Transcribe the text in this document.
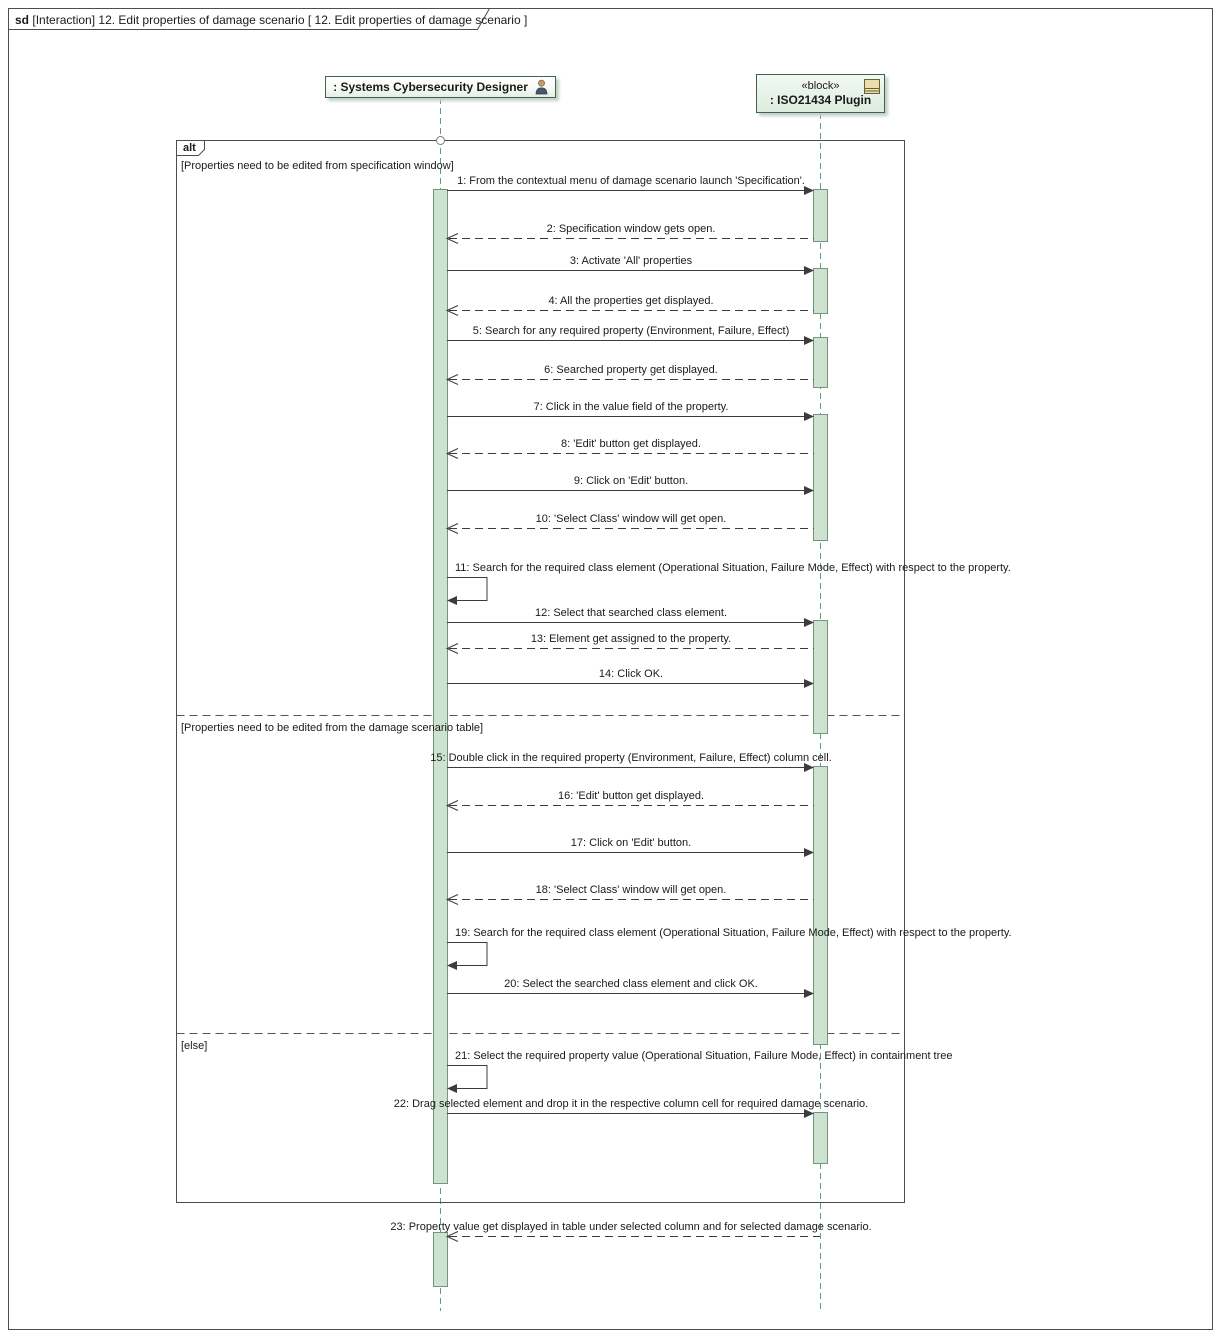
sd [Interaction] 12. Edit properties of damage scenario [ 12. Edit properties of damage scenario ]
: Systems Cybersecurity Designer	«block»
: ISO21434 Plugin
alt
[Properties need to be edited from specification window]
[Properties need to be edited from the damage scenario table]
[else]
1: From the contextual menu of damage scenario launch 'Specification'.
2: Specification window gets open.
3: Activate 'All' properties
4: All the properties get displayed.
5: Search for any required property (Environment, Failure, Effect)
6: Searched property get displayed.
7: Click in the value field of the property.
8: 'Edit' button get displayed.
9: Click on 'Edit' button.
10: 'Select Class' window will get open.
11: Search for the required class element (Operational Situation, Failure Mode, Effect) with respect to the property.
12: Select that searched class element.
13: Element get assigned to the property.
14: Click OK.
15: Double click in the required property (Environment, Failure, Effect) column cell.
16: 'Edit' button get displayed.
17: Click on 'Edit' button.
18: 'Select Class' window will get open.
19: Search for the required class element (Operational Situation, Failure Mode, Effect) with respect to the property.
20: Select the searched class element and click OK.
21: Select the required property value (Operational Situation, Failure Mode, Effect) in containment tree
22: Drag selected element and drop it in the respective column cell for required damage scenario.
23: Property value get displayed in table under selected column and for selected damage scenario.
